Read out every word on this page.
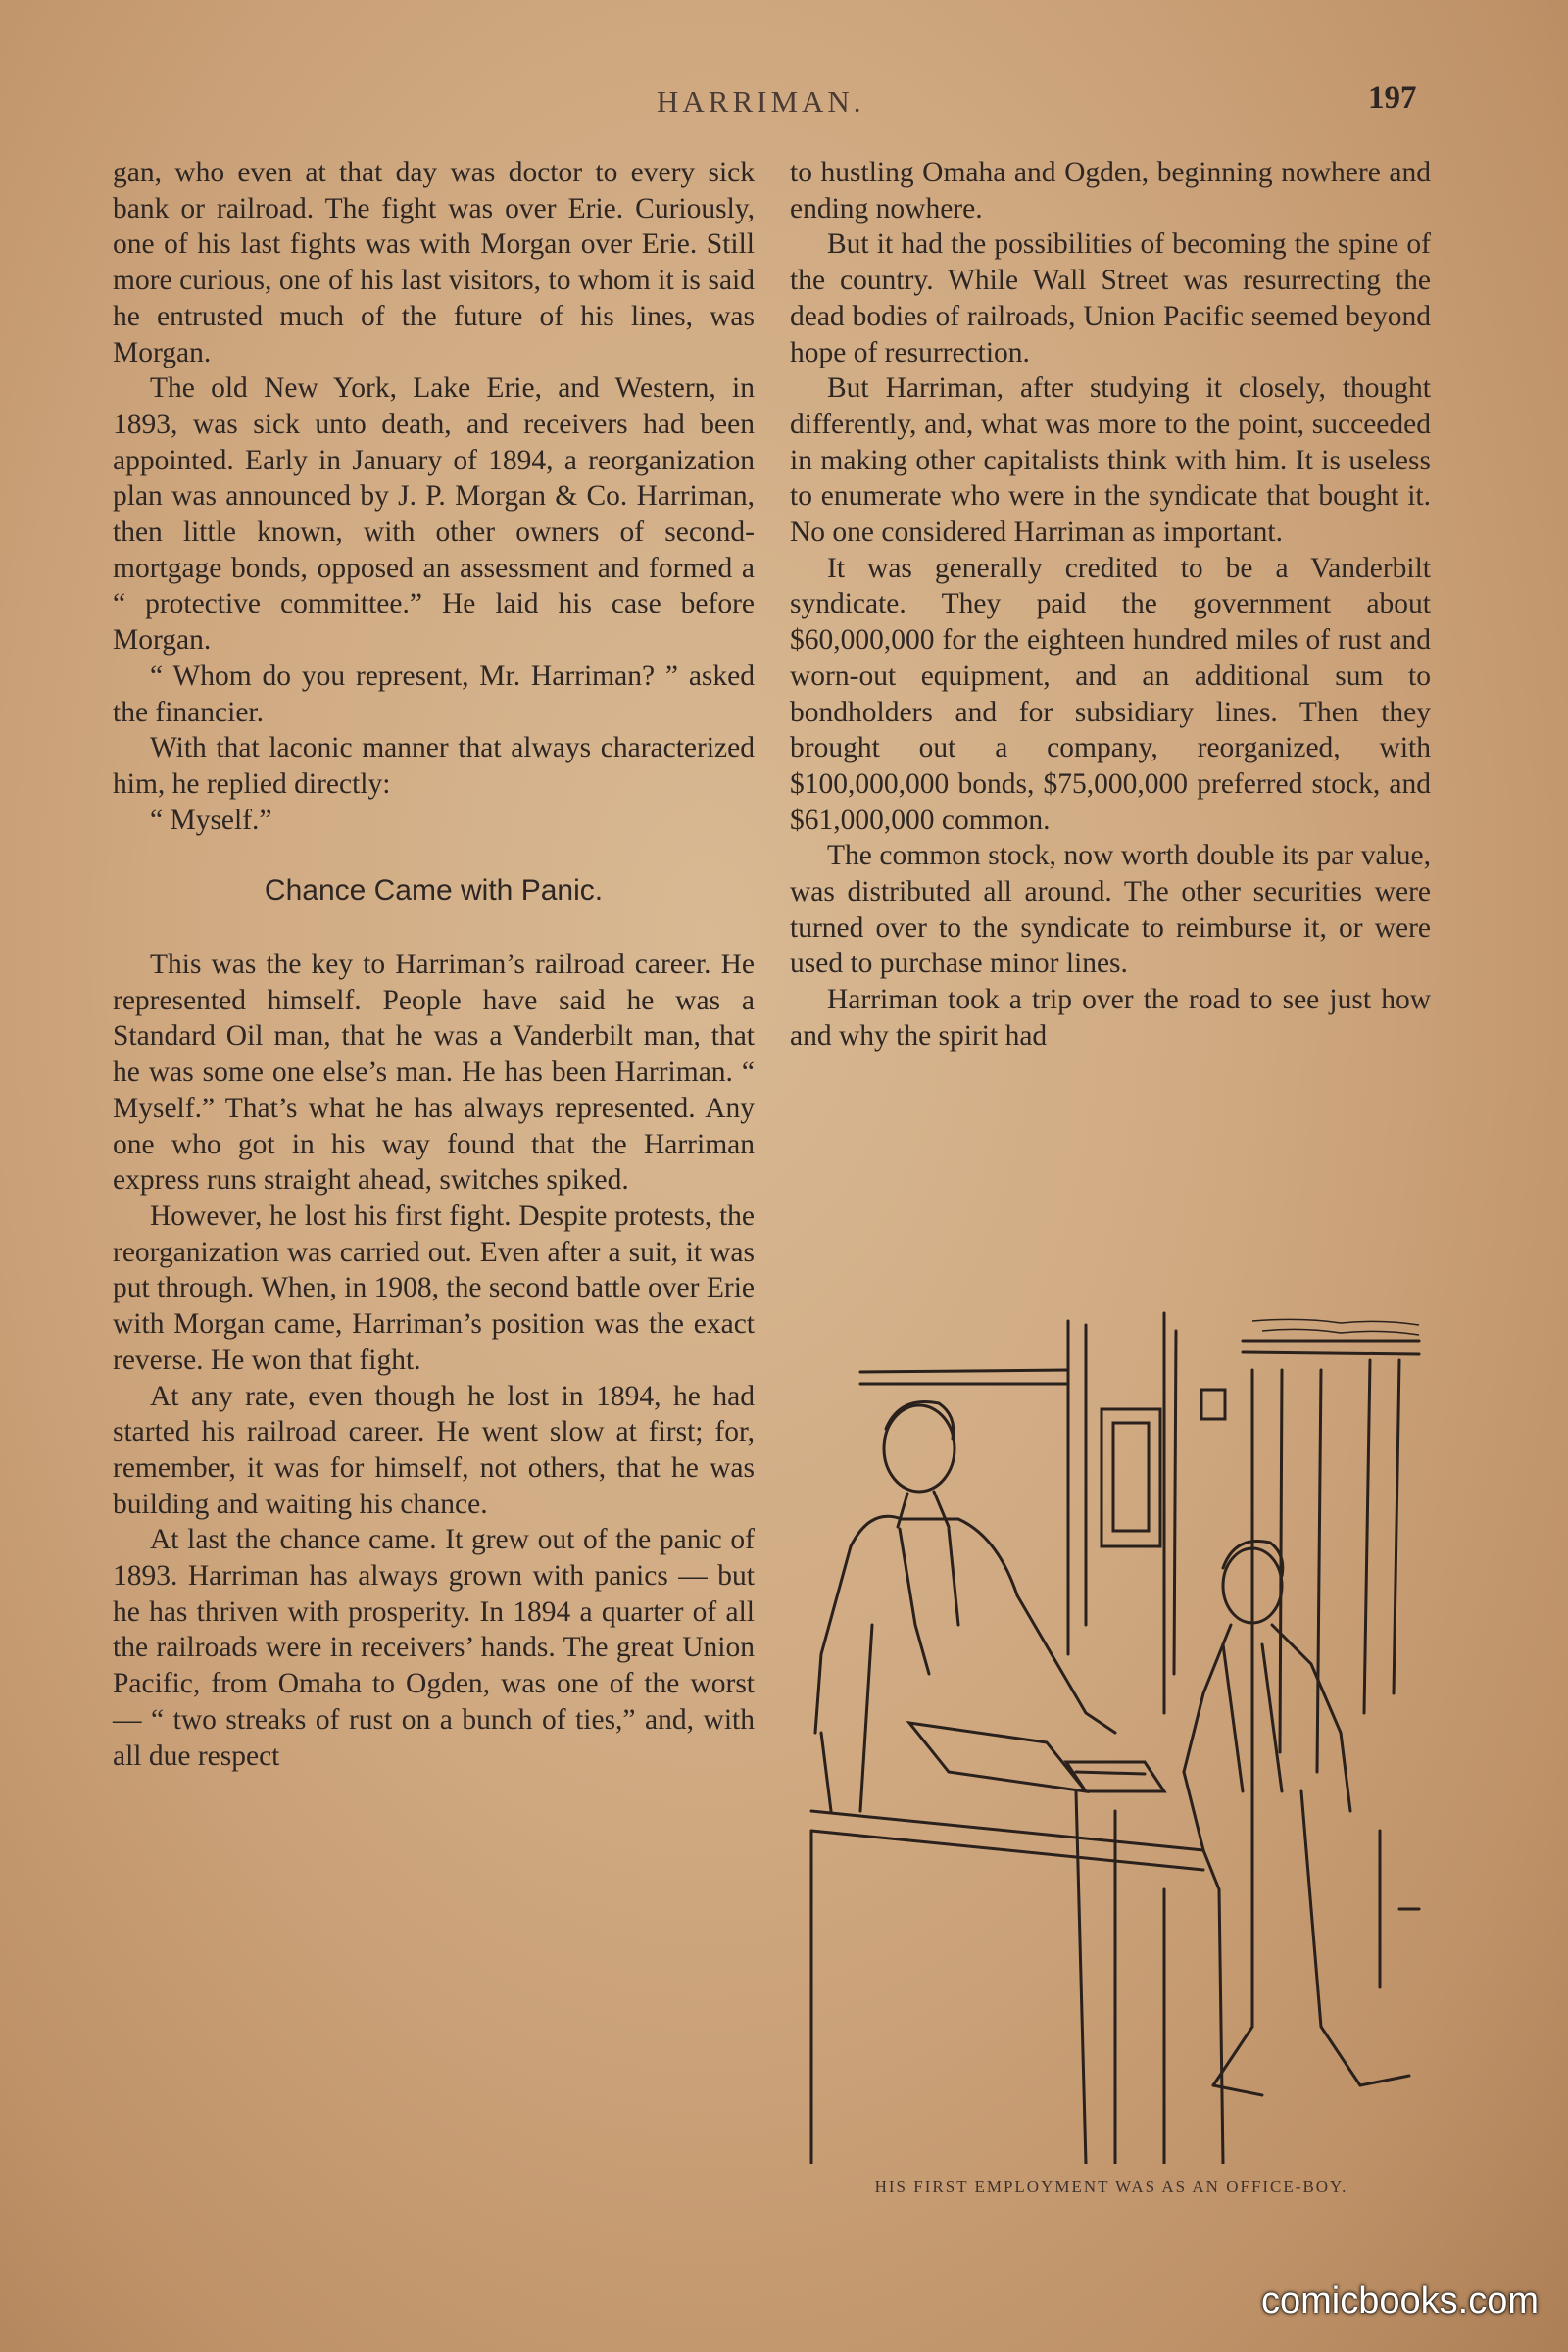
HARRIMAN.	197

gan, who even at that day was doctor to every sick bank or railroad. The fight was over Erie. Curiously, one of his last fights was with Morgan over Erie. Still more curious, one of his last visitors, to whom it is said he entrusted much of the future of his lines, was Morgan.

The old New York, Lake Erie, and Western, in 1893, was sick unto death, and receivers had been appointed. Early in January of 1894, a reorganization plan was announced by J. P. Morgan & Co. Harriman, then little known, with other owners of second-mortgage bonds, opposed an assessment and formed a “ protective committee.” He laid his case before Morgan.

“ Whom do you represent, Mr. Harriman? ” asked the financier.

With that laconic manner that always characterized him, he replied directly:

“ Myself.”

Chance Came with Panic.

This was the key to Harriman’s railroad career. He represented himself. People have said he was a Standard Oil man, that he was a Vanderbilt man, that he was some one else’s man. He has been Harriman. “ Myself.” That’s what he has always represented. Any one who got in his way found that the Harriman express runs straight ahead, switches spiked.

However, he lost his first fight. Despite protests, the reorganization was carried out. Even after a suit, it was put through. When, in 1908, the second battle over Erie with Morgan came, Harriman’s position was the exact reverse. He won that fight.

At any rate, even though he lost in 1894, he had started his railroad career. He went slow at first; for, remember, it was for himself, not others, that he was building and waiting his chance.

At last the chance came. It grew out of the panic of 1893. Harriman has always grown with panics — but he has thriven with prosperity. In 1894 a quarter of all the railroads were in receivers’ hands. The great Union Pacific, from Omaha to Ogden, was one of the worst — “ two streaks of rust on a bunch of ties,” and, with all due respect

to hustling Omaha and Ogden, beginning nowhere and ending nowhere.

But it had the possibilities of becoming the spine of the country. While Wall Street was resurrecting the dead bodies of railroads, Union Pacific seemed beyond hope of resurrection.

But Harriman, after studying it closely, thought differently, and, what was more to the point, succeeded in making other capitalists think with him. It is useless to enumerate who were in the syndicate that bought it. No one considered Harriman as important.

It was generally credited to be a Vanderbilt syndicate. They paid the government about $60,000,000 for the eighteen hundred miles of rust and worn-out equipment, and an additional sum to bondholders and for subsidiary lines. Then they brought out a company, reorganized, with $100,000,000 bonds, $75,000,000 preferred stock, and $61,000,000 common.

The common stock, now worth double its par value, was distributed all around. The other securities were turned over to the syndicate to reimburse it, or were used to purchase minor lines.

Harriman took a trip over the road to see just how and why the spirit had

HIS FIRST EMPLOYMENT WAS AS AN OFFICE-BOY.
comicbooks.com
